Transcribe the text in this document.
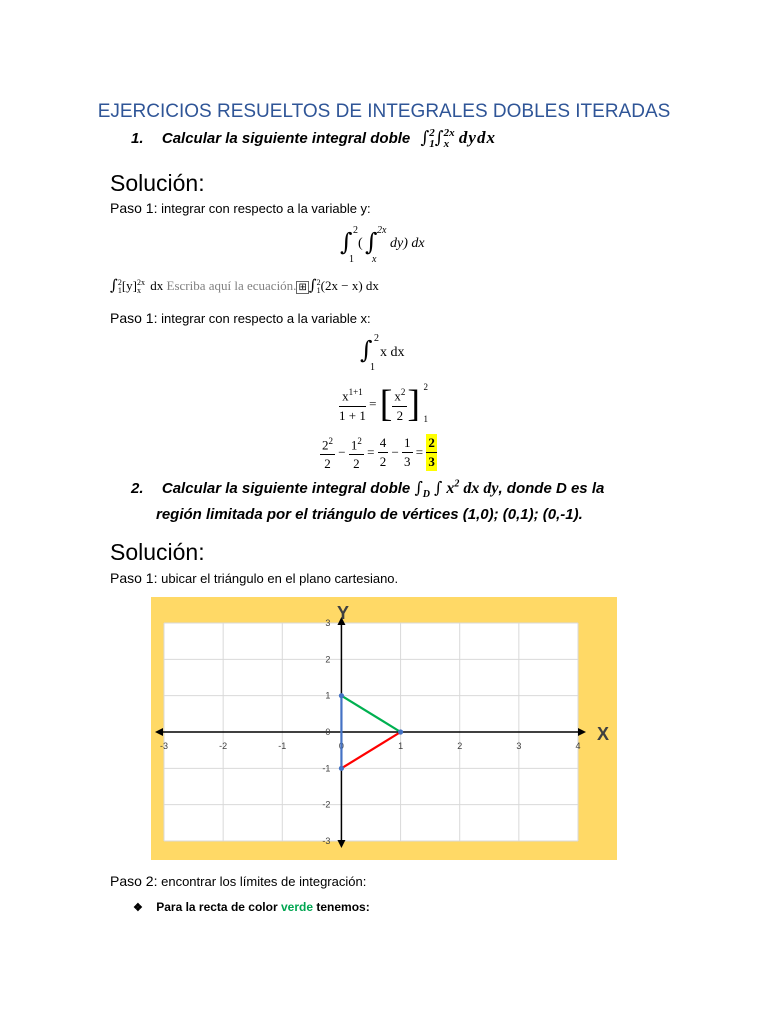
EJERCICIOS RESUELTOS DE INTEGRALES DOBLES ITERADAS
1. Calcular la siguiente integral doble ∫ 2
1 ∫ 2x
x dydx
Solución:
Paso 1: integrar con respecto a la variable y:
∫ 2
1
( ∫ 2x
x
dy) dx
∫ 2
1 [y] 2x
x dx Escriba aquí la ecuación. ⊞ ∫ 2
1 (2x − x) dx
Paso 1: integrar con respecto a la variable x:
∫ 2
1
x dx
$\frac{x^{1+1}}{1 + 1}$ = [ $\frac{x^2}{2}$ ] 2
1
$\frac{2^2}{2} - \frac{1^2}{2} = \frac{4}{2} - \frac{1}{3} = \frac{2}{3}$
2. Calcular la siguiente integral doble $\int_D$ ∫ $x^2$ dx dy, donde D es la
región limitada por el triángulo de vértices (1,0); (0,1); (0,-1).
Solución:
Paso 1: ubicar el triángulo en el plano cartesiano.
-3	-2	-1	0	1	2	3	4
3
2
1
0
-1
-2
-3
X
Y
Paso 2: encontrar los límites de integración:
❖ Para la recta de color verde tenemos:
